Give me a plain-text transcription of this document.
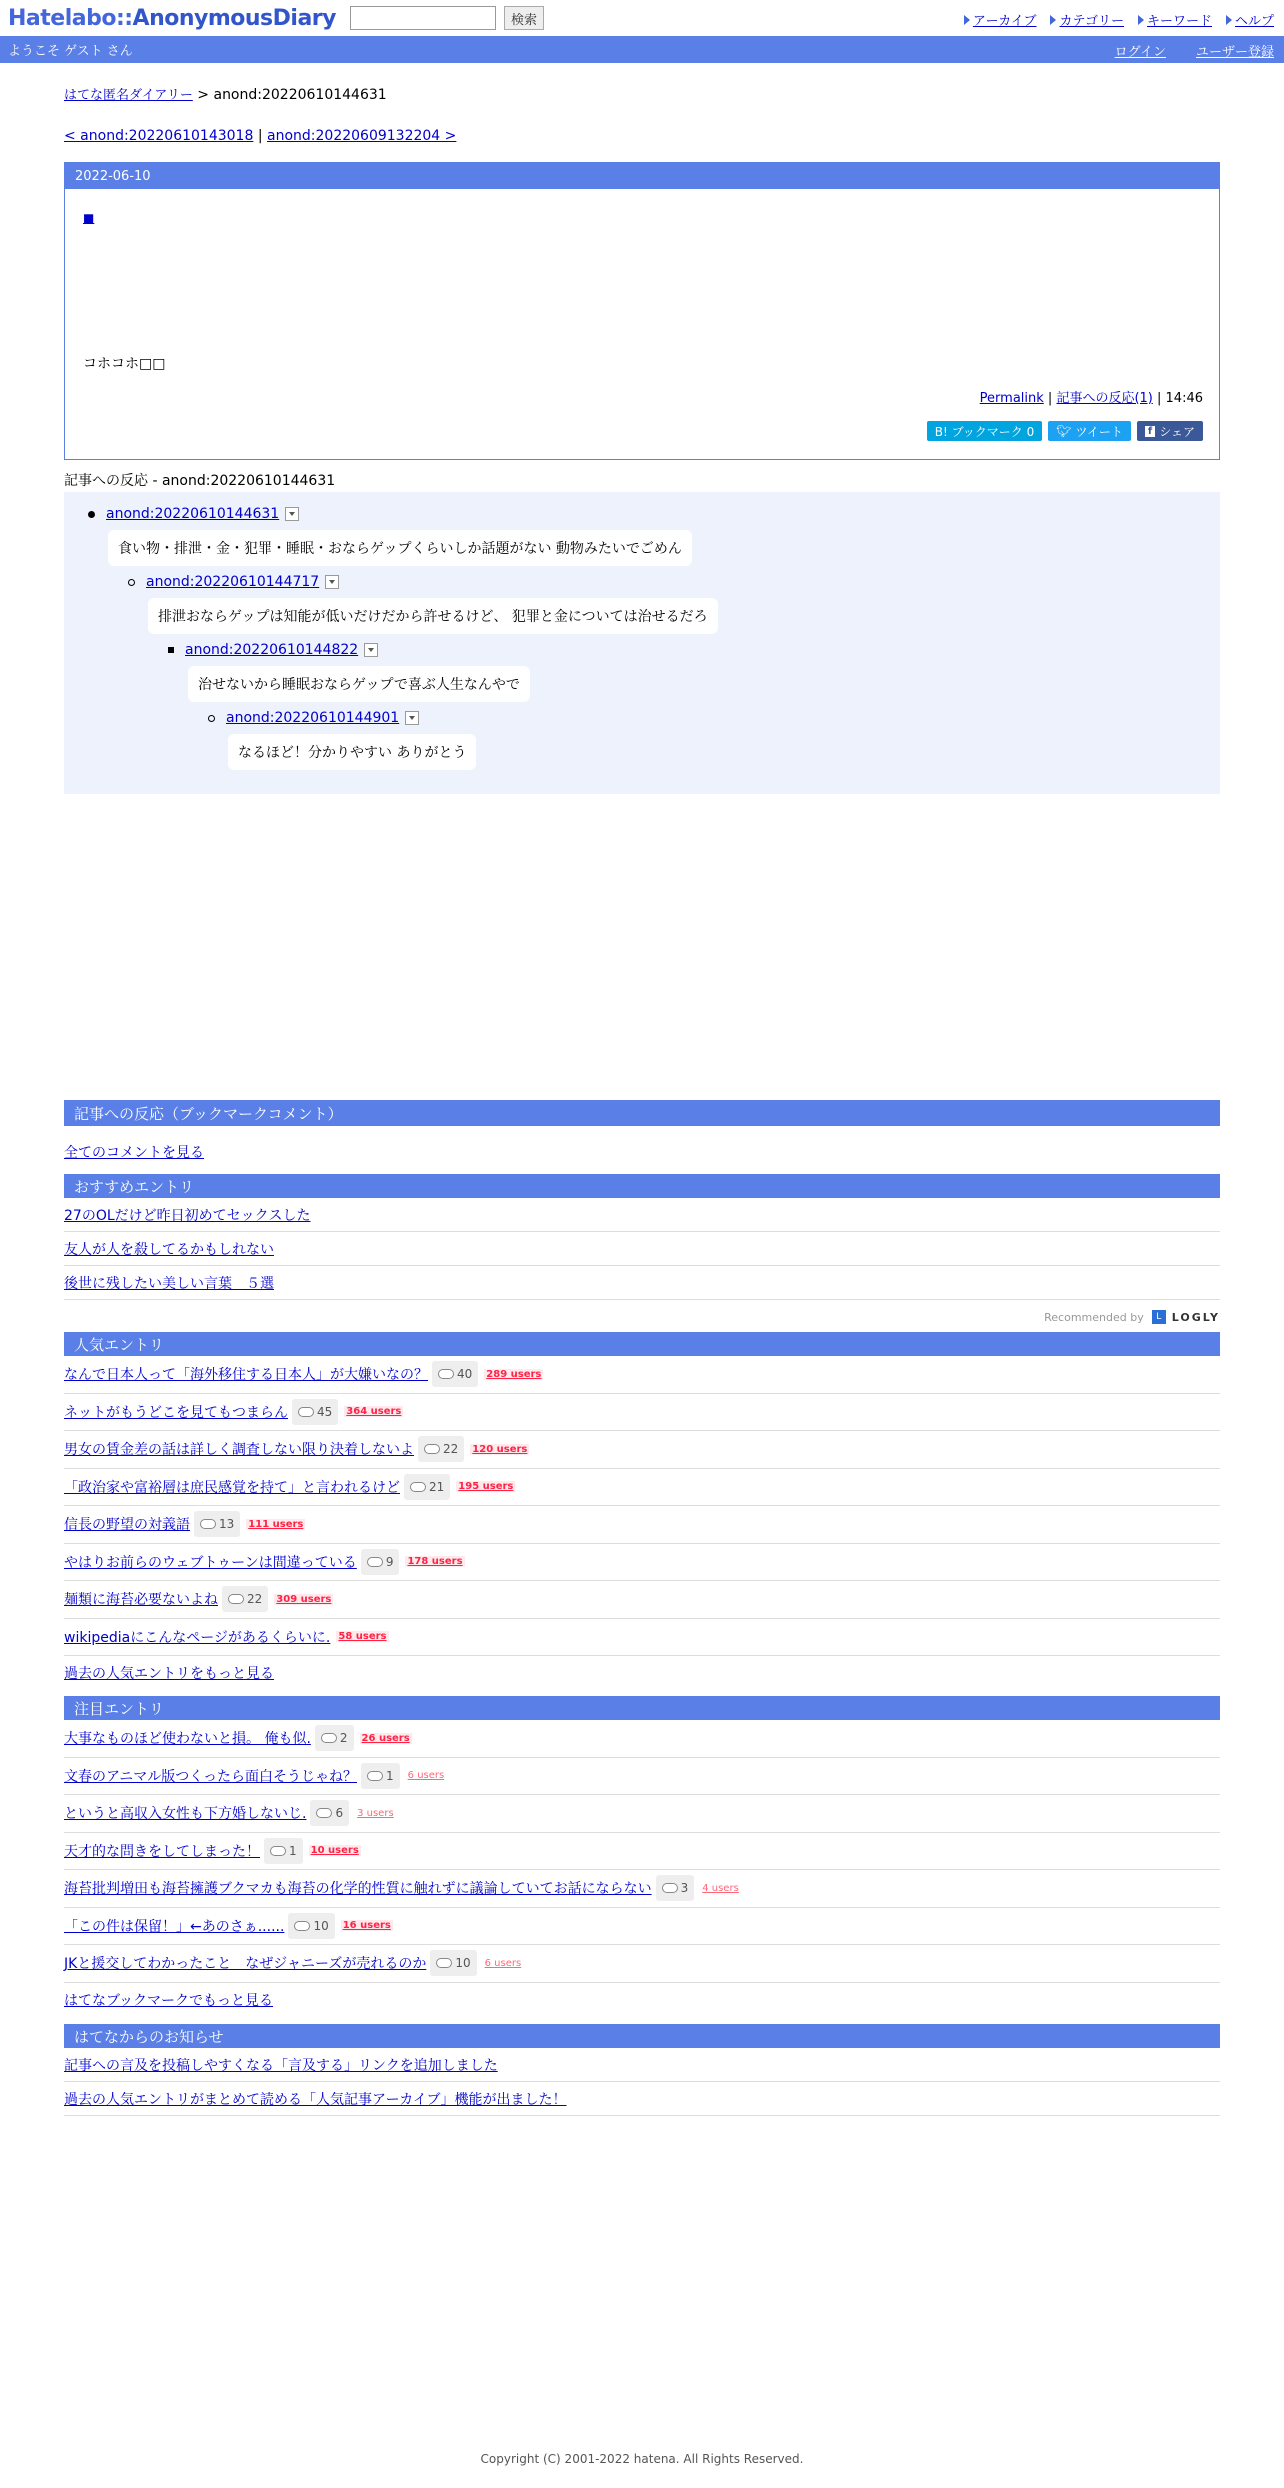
Hatelabo::AnonymousDiary	検索	アーカイブ カテゴリー キーワード ヘルプ
ようこそ ゲスト さん	ログイン ユーザー登録
はてな匿名ダイアリー > anond:20220610144631
< anond:20220610143018 | anond:20220609132204 >
2022-06-10
■
コホコホ□□
Permalink | 記事への反応(1) | 14:46
B! ブックマーク 0	🐦︎ ツイート	f シェア
記事への反応 - anond:20220610144631
anond:20220610144631
食い物・排泄・金・犯罪・睡眠・おならゲップくらいしか話題がない 動物みたいでごめん
anond:20220610144717
排泄おならゲップは知能が低いだけだから許せるけど、 犯罪と金については治せるだろ
anond:20220610144822
治せないから睡眠おならゲップで喜ぶ人生なんやで
anond:20220610144901
なるほど！分かりやすい ありがとう
記事への反応（ブックマークコメント）
全てのコメントを見る
おすすめエントリ
27のOLだけど昨日初めてセックスした
友人が人を殺してるかもしれない
後世に残したい美しい言葉　５選
Recommended by	L LOGLY
人気エントリ
なんで日本人って「海外移住する日本人」が大嫌いなの？ 40 289 users
ネットがもうどこを見てもつまらん 45 364 users
男女の賃金差の話は詳しく調査しない限り決着しないよ 22 120 users
「政治家や富裕層は庶民感覚を持て」と言われるけど 21 195 users
信長の野望の対義語 13 111 users
やはりお前らのウェブトゥーンは間違っている 9 178 users
麺類に海苔必要ないよね 22 309 users
wikipediaにこんなページがあるくらいに. 58 users
過去の人気エントリをもっと見る
注目エントリ
大事なものほど使わないと損。 俺も似. 2 26 users
文春のアニマル版つくったら面白そうじゃね？ 1 6 users
というと高収入女性も下方婚しないじ. 6 3 users
天才的な問きをしてしまった！ 1 10 users
海苔批判増田も海苔擁護ブクマカも海苔の化学的性質に触れずに議論していてお話にならない 3 4 users
「この件は保留！」←あのさぁ...... 10 16 users
JKと援交してわかったこと　なぜジャニーズが売れるのか 10 6 users
はてなブックマークでもっと見る
はてなからのお知らせ
記事への言及を投稿しやすくなる「言及する」リンクを追加しました
過去の人気エントリがまとめて読める「人気記事アーカイブ」機能が出ました！
Copyright (C) 2001-2022 hatena. All Rights Reserved.
